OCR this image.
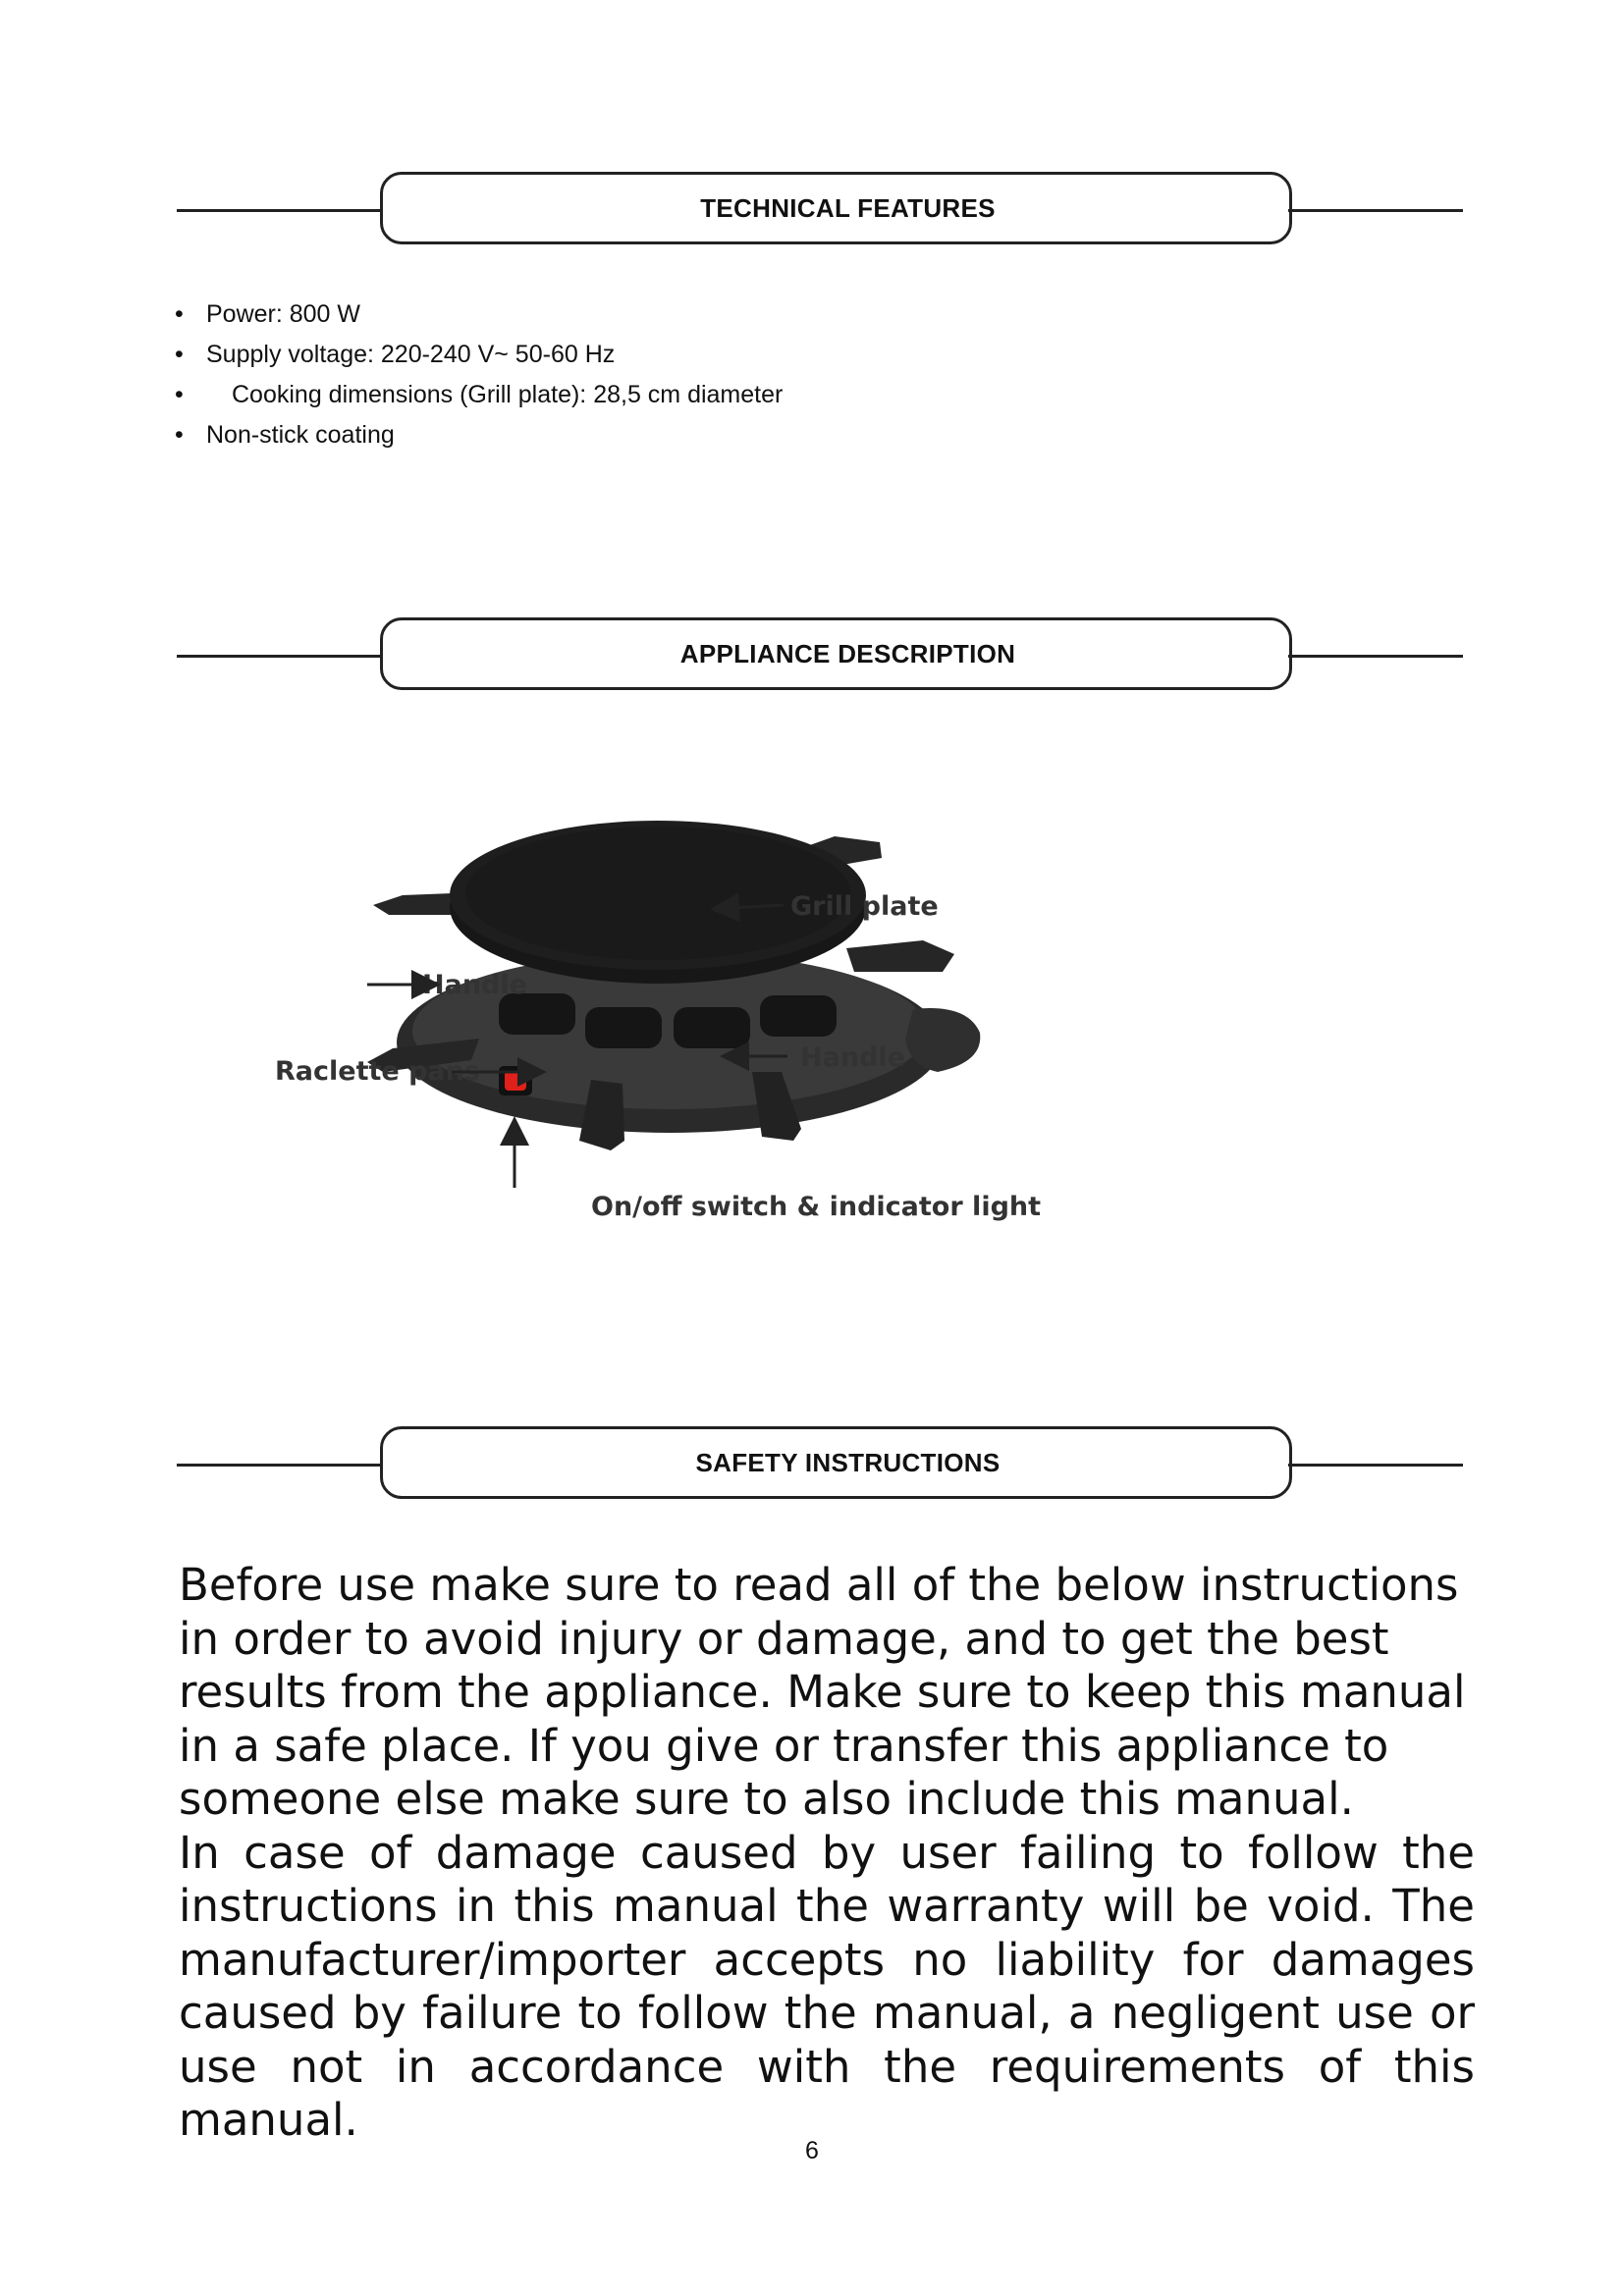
TECHNICAL FEATURES
• Power: 800 W
• Supply voltage: 220-240 V~ 50-60 Hz
• Cooking dimensions (Grill plate): 28,5 cm diameter
• Non-stick coating
APPLIANCE DESCRIPTION
Grill plate
Handle
Raclette pans	Handle
On/off switch & indicator light
SAFETY INSTRUCTIONS

Before use make sure to read all of the below instructions in order to avoid injury or damage, and to get the best results from the appliance. Make sure to keep this manual in a safe place. If you give or transfer this appliance to someone else make sure to also include this manual.

In case of damage caused by user failing to follow the instructions in this manual the warranty will be void. The manufacturer/importer accepts no liability for damages caused by failure to follow the manual, a negligent use or use not in accordance with the requirements of this manual.

6
